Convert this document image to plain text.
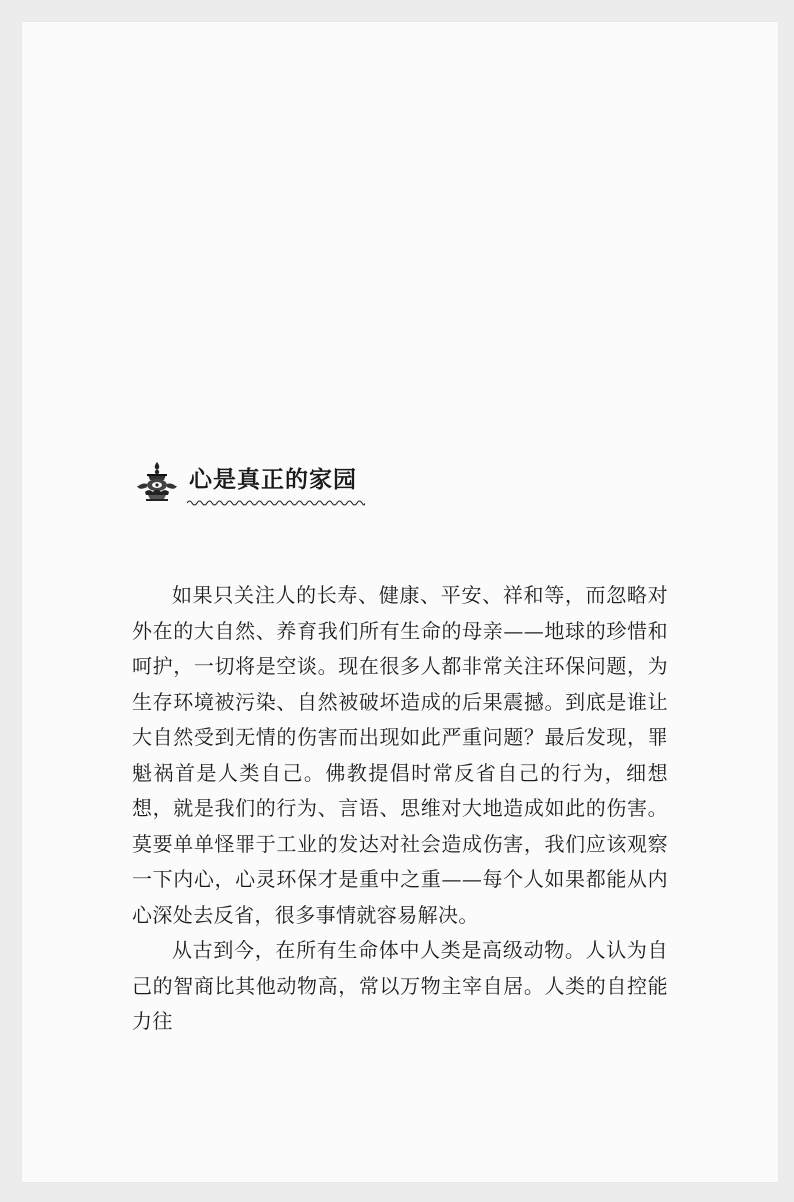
心是真正的家园

如果只关注人的长寿、健康、平安、祥和等，而忽略对外在的大自然、养育我们所有生命的母亲——地球的珍惜和呵护，一切将是空谈。现在很多人都非常关注环保问题，为生存环境被污染、自然被破坏造成的后果震撼。到底是谁让大自然受到无情的伤害而出现如此严重问题？最后发现，罪魁祸首是人类自己。佛教提倡时常反省自己的行为，细想想，就是我们的行为、言语、思维对大地造成如此的伤害。莫要单单怪罪于工业的发达对社会造成伤害，我们应该观察一下内心，心灵环保才是重中之重——每个人如果都能从内心深处去反省，很多事情就容易解决。

从古到今，在所有生命体中人类是高级动物。人认为自己的智商比其他动物高，常以万物主宰自居。人类的自控能力往
